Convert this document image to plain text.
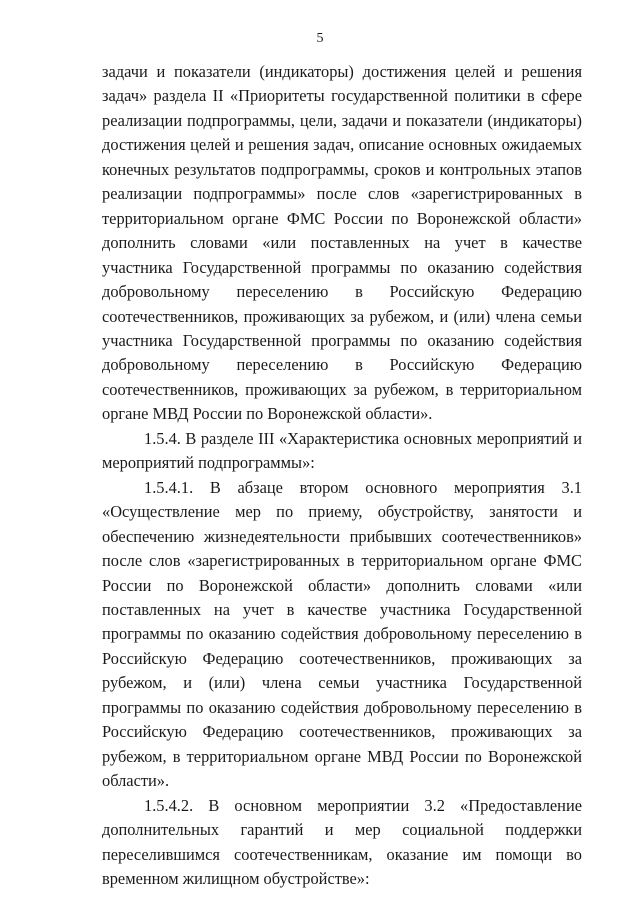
5

задачи и показатели (индикаторы) достижения целей и решения задач» раздела II «Приоритеты государственной политики в сфере реализации подпрограммы, цели, задачи и показатели (индикаторы) достижения целей и решения задач, описание основных ожидаемых конечных результатов подпрограммы, сроков и контрольных этапов реализации подпрограммы» после слов «зарегистрированных в территориальном органе ФМС России по Воронежской области» дополнить словами «или поставленных на учет в качестве участника Государственной программы по оказанию содействия добровольному переселению в Российскую Федерацию соотечественников, проживающих за рубежом, и (или) члена семьи участника Государственной программы по оказанию содействия добровольному переселению в Российскую Федерацию соотечественников, проживающих за рубежом, в территориальном органе МВД России по Воронежской области».

1.5.4. В разделе III «Характеристика основных мероприятий и мероприятий подпрограммы»:

1.5.4.1. В абзаце втором основного мероприятия 3.1 «Осуществление мер по приему, обустройству, занятости и обеспечению жизнедеятельности прибывших соотечественников» после слов «зарегистрированных в территориальном органе ФМС России по Воронежской области» дополнить словами «или поставленных на учет в качестве участника Государственной программы по оказанию содействия добровольному переселению в Российскую Федерацию соотечественников, проживающих за рубежом, и (или) члена семьи участника Государственной программы по оказанию содействия добровольному переселению в Российскую Федерацию соотечественников, проживающих за рубежом, в территориальном органе МВД России по Воронежской области».

1.5.4.2. В основном мероприятии 3.2 «Предоставление дополнительных гарантий и мер социальной поддержки переселившимся соотечественникам, оказание им помощи во временном жилищном обустройстве»:
